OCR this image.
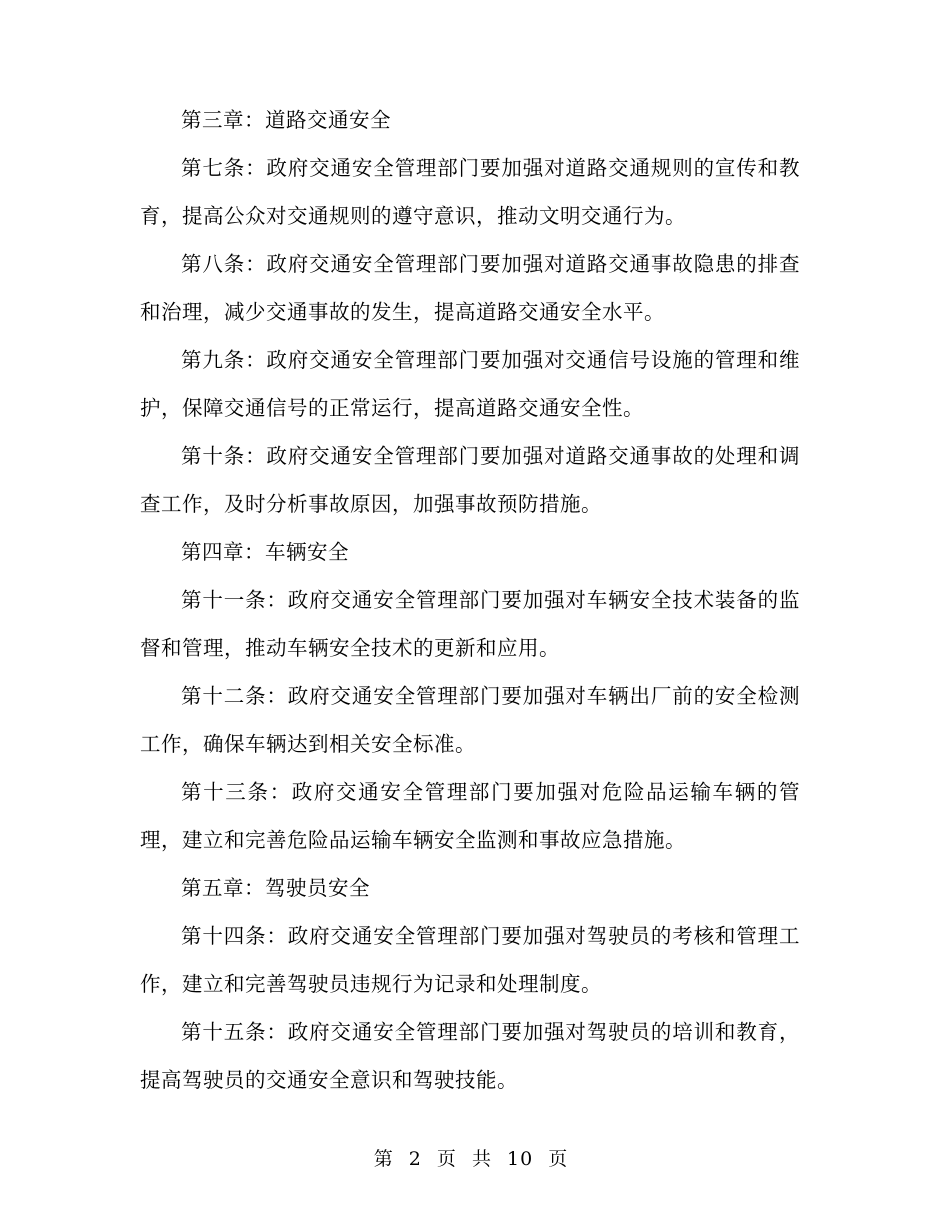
第三章：道路交通安全

第七条：政府交通安全管理部门要加强对道路交通规则的宣传和教育，提高公众对交通规则的遵守意识，推动文明交通行为。

第八条：政府交通安全管理部门要加强对道路交通事故隐患的排查和治理，减少交通事故的发生，提高道路交通安全水平。

第九条：政府交通安全管理部门要加强对交通信号设施的管理和维护，保障交通信号的正常运行，提高道路交通安全性。

第十条：政府交通安全管理部门要加强对道路交通事故的处理和调查工作，及时分析事故原因，加强事故预防措施。

第四章：车辆安全

第十一条：政府交通安全管理部门要加强对车辆安全技术装备的监督和管理，推动车辆安全技术的更新和应用。

第十二条：政府交通安全管理部门要加强对车辆出厂前的安全检测工作，确保车辆达到相关安全标准。

第十三条：政府交通安全管理部门要加强对危险品运输车辆的管理，建立和完善危险品运输车辆安全监测和事故应急措施。

第五章：驾驶员安全

第十四条：政府交通安全管理部门要加强对驾驶员的考核和管理工作，建立和完善驾驶员违规行为记录和处理制度。

第十五条：政府交通安全管理部门要加强对驾驶员的培训和教育，提高驾驶员的交通安全意识和驾驶技能。

第 2 页 共 10 页
